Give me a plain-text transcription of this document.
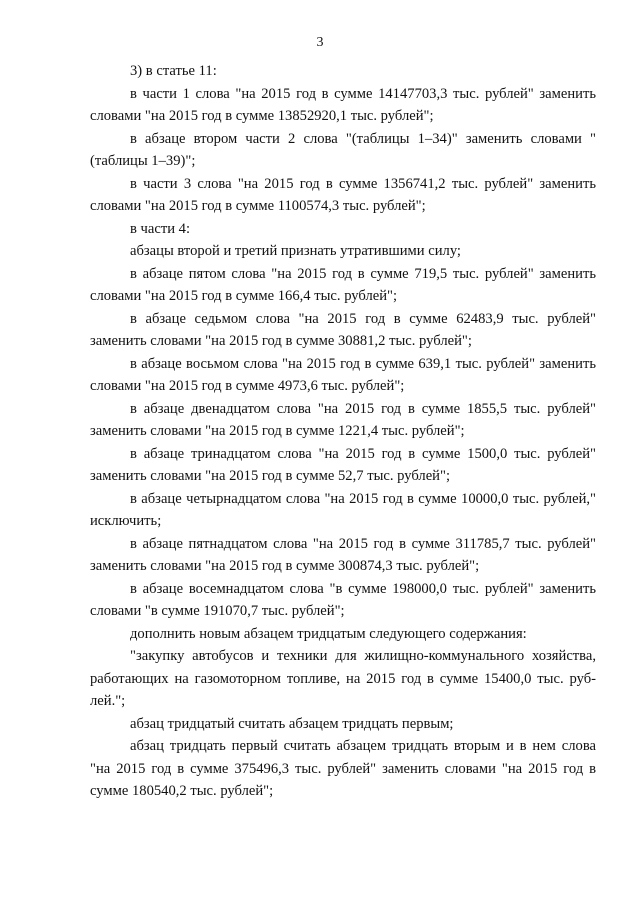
3

3) в статье 11:

в части 1 слова "на 2015 год в сумме 14147703,3 тыс. рублей" заменить словами "на 2015 год в сумме 13852920,1 тыс. рублей";

в абзаце втором части 2 слова "(таблицы 1–34)" заменить словами "(таблицы 1–39)";

в части 3 слова "на 2015 год в сумме 1356741,2 тыс. рублей" заменить словами "на 2015 год в сумме 1100574,3 тыс. рублей";

в части 4:

абзацы второй и третий признать утратившими силу;

в абзаце пятом слова "на 2015 год в сумме 719,5 тыс. рублей" заменить словами "на 2015 год в сумме 166,4 тыс. рублей";

в абзаце седьмом слова "на 2015 год в сумме 62483,9 тыс. рублей" заменить словами "на 2015 год в сумме 30881,2 тыс. рублей";

в абзаце восьмом слова "на 2015 год в сумме 639,1 тыс. рублей" заменить словами "на 2015 год в сумме 4973,6 тыс. рублей";

в абзаце двенадцатом слова "на 2015 год в сумме 1855,5 тыс. рублей" заменить словами "на 2015 год в сумме 1221,4 тыс. рублей";

в абзаце тринадцатом слова "на 2015 год в сумме 1500,0 тыс. рублей" заменить словами "на 2015 год в сумме 52,7 тыс. рублей";

в абзаце четырнадцатом слова "на 2015 год в сумме 10000,0 тыс. рублей," исключить;

в абзаце пятнадцатом слова "на 2015 год в сумме 311785,7 тыс. рублей" заменить словами "на 2015 год в сумме 300874,3 тыс. рублей";

в абзаце восемнадцатом слова "в сумме 198000,0 тыс. рублей" заменить словами "в сумме 191070,7 тыс. рублей";

дополнить новым абзацем тридцатым следующего содержания:

"закупку автобусов и техники для жилищно-коммунального хозяйства, работающих на газомоторном топливе, на 2015 год в сумме 15400,0 тыс. рублей.";

абзац тридцатый считать абзацем тридцать первым;

абзац тридцать первый считать абзацем тридцать вторым и в нем слова "на 2015 год в сумме 375496,3 тыс. рублей" заменить словами "на 2015 год в сумме 180540,2 тыс. рублей";
